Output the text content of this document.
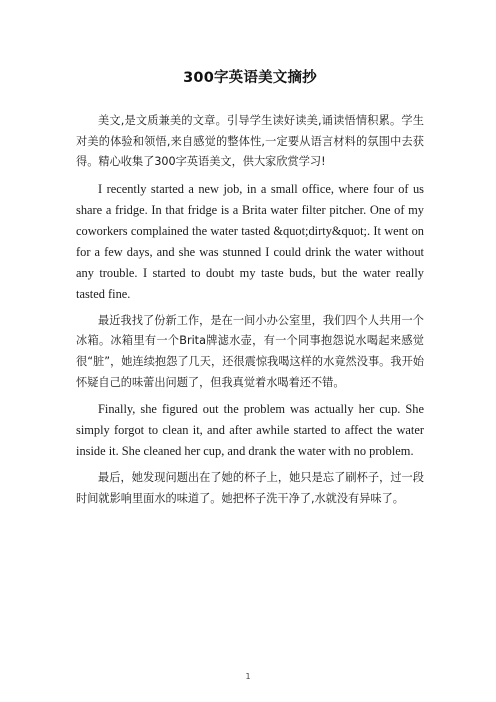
300字英语美文摘抄

美文,是文质兼美的文章。引导学生读好读美,诵读悟情积累。学生对美的体验和领悟,来自感觉的整体性,一定要从语言材料的氛围中去获得。精心收集了300字英语美文，供大家欣赏学习!

I recently started a new job, in a small office, where four of us share a fridge. In that fridge is a Brita water filter pitcher. One of my coworkers complained the water tasted &quot;dirty&quot;. It went on for a few days, and she was stunned I could drink the water without any trouble. I started to doubt my taste buds, but the water really tasted fine.

最近我找了份新工作，是在一间小办公室里，我们四个人共用一个冰箱。冰箱里有一个Brita牌滤水壶，有一个同事抱怨说水喝起来感觉很“脏”，她连续抱怨了几天，还很震惊我喝这样的水竟然没事。我开始怀疑自己的味蕾出问题了，但我真觉着水喝着还不错。

Finally, she figured out the problem was actually her cup. She simply forgot to clean it, and after awhile started to affect the water inside it. She cleaned her cup, and drank the water with no problem.

最后，她发现问题出在了她的杯子上，她只是忘了刷杯子，过一段时间就影响里面水的味道了。她把杯子洗干净了,水就没有异味了。

1
